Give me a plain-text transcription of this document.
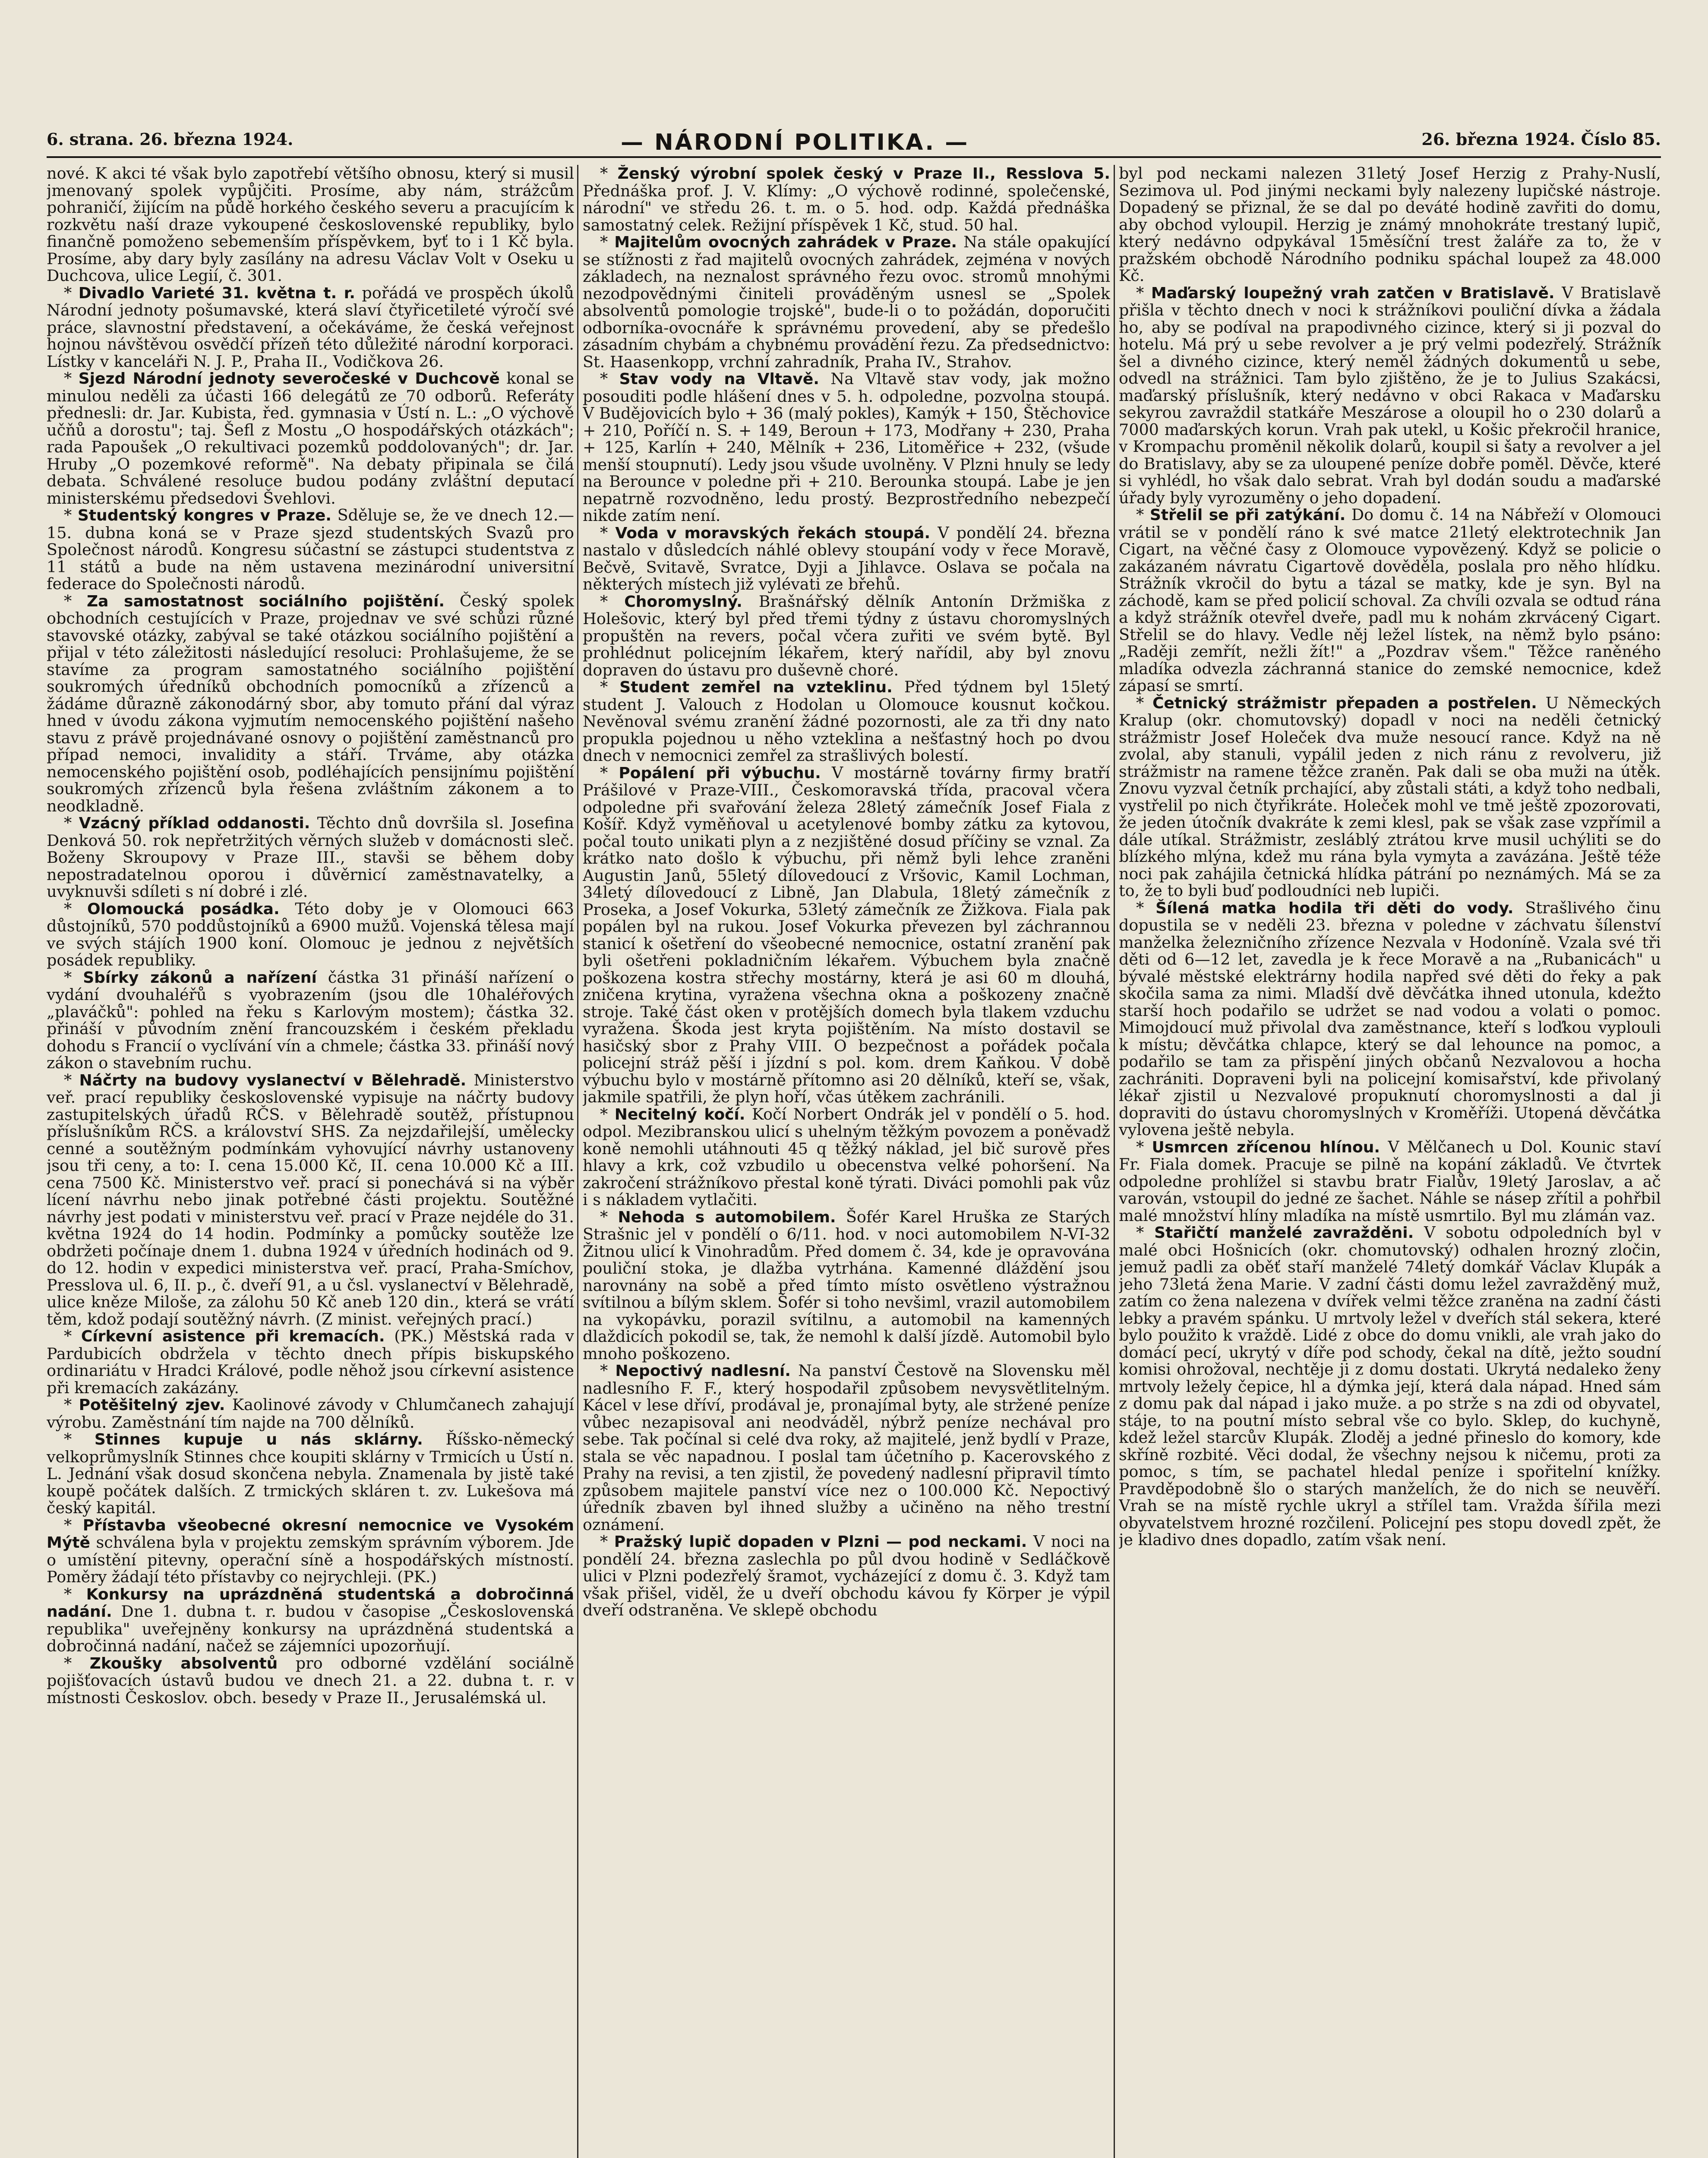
6. strana. 26. března 1924.	— NÁRODNÍ POLITIKA. —	26. března 1924. Číslo 85.

nové. K akci té však bylo zapotřebí většího obnosu, který si musil jmenovaný spolek vypůjčiti. Prosíme, aby nám, strážcům pohraničí, žijícím na půdě horkého českého severu a pracujícím k rozkvětu naší draze vykoupené československé republiky, bylo finančně pomoženo sebemenším příspěvkem, byť to i 1 Kč byla. Prosíme, aby dary byly zasílány na adresu Václav Volt v Oseku u Duchcova, ulice Legií, č. 301.

* Divadlo Varieté 31. května t. r. pořádá ve prospěch úkolů Národní jednoty pošumavské, která slaví čtyřicetileté výročí své práce, slavnostní představení, a očekáváme, že česká veřejnost hojnou návštěvou osvědčí přízeň této důležité národní korporaci. Lístky v kanceláři N. J. P., Praha II., Vodičkova 26.

* Sjezd Národní jednoty severočeské v Duchcově konal se minulou neděli za účasti 166 delegátů ze 70 odborů. Referáty přednesli: dr. Jar. Kubista, řed. gymnasia v Ústí n. L.: „O výchově učňů a dorostu"; taj. Šefl z Mostu „O hospodářských otázkách"; rada Papoušek „O rekultivaci pozemků poddolovaných"; dr. Jar. Hruby „O pozemkové reformě". Na debaty připinala se čilá debata. Schválené resoluce budou podány zvláštní deputací ministerskému předsedovi Švehlovi.

* Studentský kongres v Praze. Sděluje se, že ve dnech 12.—15. dubna koná se v Praze sjezd studentských Svazů pro Společnost národů. Kongresu súčastní se zástupci studentstva z 11 států a bude na něm ustavena mezinárodní universitní federace do Společnosti národů.

* Za samostatnost sociálního pojištění. Český spolek obchodních cestujících v Praze, projednav ve své schůzi různé stavovské otázky, zabýval se také otázkou sociálního pojištění a přijal v této záležitosti následující resoluci: Prohlašujeme, že se stavíme za program samostatného sociálního pojištění soukromých úředníků obchodních pomocníků a zřízenců a žádáme důrazně zákonodárný sbor, aby tomuto přání dal výraz hned v úvodu zákona vyjmutím nemocenského pojištění našeho stavu z právě projednávané osnovy o pojištění zaměstnanců pro případ nemoci, invalidity a stáří. Trváme, aby otázka nemocenského pojištění osob, podléhajících pensijnímu pojištění soukromých zřízenců byla řešena zvláštním zákonem a to neodkladně.

* Vzácný příklad oddanosti. Těchto dnů dovršila sl. Josefina Denková 50. rok nepřetržitých věrných služeb v domácnosti sleč. Boženy Skroupovy v Praze III., stavši se během doby nepostradatelnou oporou i důvěrnicí zaměstnavatelky, a uvyknuvši sdíleti s ní dobré i zlé.

* Olomoucká posádka. Této doby je v Olomouci 663 důstojníků, 570 poddůstojníků a 6900 mužů. Vojenská tělesa mají ve svých stájích 1900 koní. Olomouc je jednou z největších posádek republiky.

* Sbírky zákonů a nařízení částka 31 přináší nařízení o vydání dvouhaléřů s vyobrazením (jsou dle 10haléřových „plaváčků": pohled na řeku s Karlovým mostem); částka 32. přináší v původním znění francouzském i českém překladu dohodu s Francií o vyclívání vín a chmele; částka 33. přináší nový zákon o stavebním ruchu.

* Náčrty na budovy vyslanectví v Bělehradě. Ministerstvo veř. prací republiky československé vypisuje na náčrty budovy zastupitelských úřadů RČS. v Bělehradě soutěž, přístupnou příslušníkům RČS. a království SHS. Za nejzdařilejší, umělecky cenné a soutěžným podmínkám vyhovující návrhy ustanoveny jsou tři ceny, a to: I. cena 15.000 Kč, II. cena 10.000 Kč a III. cena 7500 Kč. Ministerstvo veř. prací si ponechává si na výběr lícení návrhu nebo jinak potřebné části projektu. Soutěžné návrhy jest podati v ministerstvu veř. prací v Praze nejdéle do 31. května 1924 do 14 hodin. Podmínky a pomůcky soutěže lze obdržeti počínaje dnem 1. dubna 1924 v úředních hodinách od 9. do 12. hodin v expedici ministerstva veř. prací, Praha-Smíchov, Presslova ul. 6, II. p., č. dveří 91, a u čsl. vyslanectví v Bělehradě, ulice kněze Miloše, za zálohu 50 Kč aneb 120 din., která se vrátí těm, kdož podají soutěžný návrh. (Z minist. veřejných prací.)

* Církevní asistence při kremacích. (PK.) Městská rada v Pardubicích obdržela v těchto dnech přípis biskupského ordinariátu v Hradci Králové, podle něhož jsou církevní asistence při kremacích zakázány.

* Potěšitelný zjev. Kaolinové závody v Chlumčanech zahajují výrobu. Zaměstnání tím najde na 700 dělníků.

* Stinnes kupuje u nás sklárny. Říšsko-německý velkoprůmyslník Stinnes chce koupiti sklárny v Trmicích u Ústí n. L. Jednání však dosud skončena nebyla. Znamenala by jistě také koupě počátek dalších. Z trmických skláren t. zv. Lukešova má český kapitál.

* Přístavba všeobecné okresní nemocnice ve Vysokém Mýtě schválena byla v projektu zemským správním výborem. Jde o umístění pitevny, operační síně a hospodářských místností. Poměry žádají této přístavby co nejrychleji. (PK.)

* Konkursy na uprázdněná studentská a dobročinná nadání. Dne 1. dubna t. r. budou v časopise „Československá republika" uveřejněny konkursy na uprázdněná studentská a dobročinná nadání, načež se zájemníci upozorňují.

* Zkoušky absolventů pro odborné vzdělání sociálně pojišťovacích ústavů budou ve dnech 21. a 22. dubna t. r. v místnosti Českoslov. obch. besedy v Praze II., Jerusalémská ul.

* Ženský výrobní spolek český v Praze II., Resslova 5. Přednáška prof. J. V. Klímy: „O výchově rodinné, společenské, národní" ve středu 26. t. m. o 5. hod. odp. Každá přednáška samostatný celek. Režijní příspěvek 1 Kč, stud. 50 hal.

* Majitelům ovocných zahrádek v Praze. Na stále opakující se stížnosti z řad majitelů ovocných zahrádek, zejména v nových základech, na neznalost správného řezu ovoc. stromů mnohými nezodpovědnými činiteli prováděným usnesl se „Spolek absolventů pomologie trojské", bude-li o to požádán, doporučiti odborníka-ovocnáře k správnému provedení, aby se předešlo zásadním chybám a chybnému provádění řezu. Za předsednictvo: St. Haasenkopp, vrchní zahradník, Praha IV., Strahov.

* Stav vody na Vltavě. Na Vltavě stav vody, jak možno posouditi podle hlášení dnes v 5. h. odpoledne, pozvolna stoupá. V Budějovicích bylo + 36 (malý pokles), Kamýk + 150, Štěchovice + 210, Poříčí n. S. + 149, Beroun + 173, Modřany + 230, Praha + 125, Karlín + 240, Mělník + 236, Litoměřice + 232, (všude menší stoupnutí). Ledy jsou všude uvolněny. V Plzni hnuly se ledy na Berounce v poledne při + 210. Berounka stoupá. Labe je jen nepatrně rozvodněno, ledu prostý. Bezprostředního nebezpečí nikde zatím není.

* Voda v moravských řekách stoupá. V pondělí 24. března nastalo v důsledcích náhlé oblevy stoupání vody v řece Moravě, Bečvě, Svitavě, Svratce, Dyji a Jihlavce. Oslava se počala na některých místech již vylévati ze břehů.

* Choromyslný. Brašnářský dělník Antonín Držmiška z Holešovic, který byl před třemi týdny z ústavu choromyslných propuštěn na revers, počal včera zuřiti ve svém bytě. Byl prohlédnut policejním lékařem, který nařídil, aby byl znovu dopraven do ústavu pro duševně choré.

* Student zemřel na vzteklinu. Před týdnem byl 15letý student J. Valouch z Hodolan u Olomouce kousnut kočkou. Nevěnoval svému zranění žádné pozornosti, ale za tři dny nato propukla pojednou u něho vzteklina a nešťastný hoch po dvou dnech v nemocnici zemřel za strašlivých bolestí.

* Popálení při výbuchu. V mostárně továrny firmy bratří Prášilové v Praze-VIII., Českomoravská třída, pracoval včera odpoledne při svařování železa 28letý zámečník Josef Fiala z Košíř. Když vyměňoval u acetylenové bomby zátku za kytovou, počal touto unikati plyn a z nezjištěné dosud příčiny se vznal. Za krátko nato došlo k výbuchu, při němž byli lehce zraněni Augustin Janů, 55letý dílovedoucí z Vršovic, Kamil Lochman, 34letý dílovedoucí z Libně, Jan Dlabula, 18letý zámečník z Proseka, a Josef Vokurka, 53letý zámečník ze Žižkova. Fiala pak popálen byl na rukou. Josef Vokurka převezen byl záchrannou stanicí k ošetření do všeobecné nemocnice, ostatní zranění pak byli ošetřeni pokladničním lékařem. Výbuchem byla značně poškozena kostra střechy mostárny, která je asi 60 m dlouhá, zničena krytina, vyražena všechna okna a poškozeny značně stroje. Také část oken v protějších domech byla tlakem vzduchu vyražena. Škoda jest kryta pojištěním. Na místo dostavil se hasičský sbor z Prahy VIII. O bezpečnost a pořádek počala policejní stráž pěší i jízdní s pol. kom. drem Kaňkou. V době výbuchu bylo v mostárně přítomno asi 20 dělníků, kteří se, však, jakmile spatřili, že plyn hoří, včas útěkem zachránili.

* Necitelný kočí. Kočí Norbert Ondrák jel v pondělí o 5. hod. odpol. Mezibranskou ulicí s uhelným těžkým povozem a poněvadž koně nemohli utáhnouti 45 q těžký náklad, jel bič surově přes hlavy a krk, což vzbudilo u obecenstva velké pohoršení. Na zakročení strážníkovo přestal koně týrati. Diváci pomohli pak vůz i s nákladem vytlačiti.

* Nehoda s automobilem. Šofér Karel Hruška ze Starých Strašnic jel v pondělí o 6/11. hod. v noci automobilem N-VI-32 Žitnou ulicí k Vinohradům. Před domem č. 34, kde je opravována pouliční stoka, je dlažba vytrhána. Kamenné dláždění jsou narovnány na sobě a před tímto místo osvětleno výstražnou svítilnou a bílým sklem. Šofér si toho nevšiml, vrazil automobilem na vykopávku, porazil svítilnu, a automobil na kamenných dlaždicích pokodil se, tak, že nemohl k další jízdě. Automobil bylo mnoho poškozeno.

* Nepoctivý nadlesní. Na panství Čestově na Slovensku měl nadlesního F. F., který hospodařil způsobem nevysvětlitelným. Kácel v lese dříví, prodával je, pronajímal byty, ale stržené peníze vůbec nezapisoval ani neodváděl, nýbrž peníze nechával pro sebe. Tak počínal si celé dva roky, až majitelé, jenž bydlí v Praze, stala se věc napadnou. I poslal tam účetního p. Kacerovského z Prahy na revisi, a ten zjistil, že povedený nadlesní připravil tímto způsobem majitele panství více nez o 100.000 Kč. Nepoctivý úředník zbaven byl ihned služby a učiněno na něho trestní oznámení.

* Pražský lupič dopaden v Plzni — pod neckami. V noci na pondělí 24. března zaslechla po půl dvou hodině v Sedláčkově ulici v Plzni podezřelý šramot, vycházející z domu č. 3. Když tam však přišel, viděl, že u dveří obchodu kávou fy Körper je výpil dveří odstraněna. Ve sklepě obchodu

byl pod neckami nalezen 31letý Josef Herzig z Prahy-Nuslí, Sezimova ul. Pod jinými neckami byly nalezeny lupičské nástroje. Dopadený se přiznal, že se dal po deváté hodině zavřiti do domu, aby obchod vyloupil. Herzig je známý mnohokráte trestaný lupič, který nedávno odpykával 15měsíční trest žaláře za to, že v pražském obchodě Národního podniku spáchal loupež za 48.000 Kč.

* Maďarský loupežný vrah zatčen v Bratislavě. V Bratislavě přišla v těchto dnech v noci k strážníkovi pouliční dívka a žádala ho, aby se podíval na prapodivného cizince, který si ji pozval do hotelu. Má prý u sebe revolver a je prý velmi podezřelý. Strážník šel a divného cizince, který neměl žádných dokumentů u sebe, odvedl na strážnici. Tam bylo zjištěno, že je to Julius Szakácsi, maďarský příslušník, který nedávno v obci Rakaca v Maďarsku sekyrou zavraždil statkáře Meszárose a oloupil ho o 230 dolarů a 7000 maďarských korun. Vrah pak utekl, u Košic překročil hranice, v Krompachu proměnil několik dolarů, koupil si šaty a revolver a jel do Bratislavy, aby se za uloupené peníze dobře poměl. Děvče, které si vyhlédl, ho však dalo sebrat. Vrah byl dodán soudu a maďarské úřady byly vyrozuměny o jeho dopadení.

* Střelil se při zatýkání. Do domu č. 14 na Nábřeží v Olomouci vrátil se v pondělí ráno k své matce 21letý elektrotechnik Jan Cigart, na věčné časy z Olomouce vypovězený. Když se policie o zakázaném návratu Cigartově dověděla, poslala pro něho hlídku. Strážník vkročil do bytu a tázal se matky, kde je syn. Byl na záchodě, kam se před policií schoval. Za chvíli ozvala se odtud rána a když strážník otevřel dveře, padl mu k nohám zkrvácený Cigart. Střelil se do hlavy. Vedle něj ležel lístek, na němž bylo psáno: „Raději zemřít, nežli žít!" a „Pozdrav všem." Těžce raněného mladíka odvezla záchranná stanice do zemské nemocnice, kdež zápasí se smrtí.

* Četnický strážmistr přepaden a postřelen. U Německých Kralup (okr. chomutovský) dopadl v noci na neděli četnický strážmistr Josef Holeček dva muže nesoucí rance. Když na ně zvolal, aby stanuli, vypálil jeden z nich ránu z revolveru, již strážmistr na ramene těžce zraněn. Pak dali se oba muži na útěk. Znovu vyzval četník prchající, aby zůstali státi, a když toho nedbali, vystřelil po nich čtyřikráte. Holeček mohl ve tmě ještě zpozorovati, že jeden útočník dvakráte k zemi klesl, pak se však zase vzpřímil a dále utíkal. Strážmistr, zesláblý ztrátou krve musil uchýliti se do blízkého mlýna, kdež mu rána byla vymyta a zavázána. Ještě téže noci pak zahájila četnická hlídka pátrání po neznámých. Má se za to, že to byli buď podloudníci neb lupiči.

* Šílená matka hodila tři děti do vody. Strašlivého činu dopustila se v neděli 23. března v poledne v záchvatu šílenství manželka železničního zřízence Nezvala v Hodoníně. Vzala své tři děti od 6—12 let, zavedla je k řece Moravě a na „Rubanicách" u bývalé městské elektrárny hodila napřed své děti do řeky a pak skočila sama za nimi. Mladší dvě děvčátka ihned utonula, kdežto starší hoch podařilo se udržet se nad vodou a volati o pomoc. Mimojdoucí muž přivolal dva zaměstnance, kteří s loďkou vyplouli k místu; děvčátka chlapce, který se dal lehounce na pomoc, a podařilo se tam za přispění jiných občanů Nezvalovou a hocha zachrániti. Dopraveni byli na policejní komisařství, kde přivolaný lékař zjistil u Nezvalové propuknutí choromyslnosti a dal ji dopraviti do ústavu choromyslných v Kroměříži. Utopená děvčátka vylovena ještě nebyla.

* Usmrcen zřícenou hlínou. V Mělčanech u Dol. Kounic staví Fr. Fiala domek. Pracuje se pilně na kopání základů. Ve čtvrtek odpoledne prohlížel si stavbu bratr Fialův, 19letý Jaroslav, a ač varován, vstoupil do jedné ze šachet. Náhle se násep zřítil a pohřbil malé množství hlíny mladíka na místě usmrtilo. Byl mu zlámán vaz.

* Stařičtí manželé zavražděni. V sobotu odpoledních byl v malé obci Hošnicích (okr. chomutovský) odhalen hrozný zločin, jemuž padli za oběť staří manželé 74letý domkář Václav Klupák a jeho 73letá žena Marie. V zadní části domu ležel zavražděný muž, zatím co žena nalezena v dvířek velmi těžce zraněna na zadní části lebky a pravém spánku. U mrtvoly ležel v dveřích stál sekera, které bylo použito k vraždě. Lidé z obce do domu vnikli, ale vrah jako do domácí pecí, ukrytý v díře pod schody, čekal na dítě, ježto soudní komisi ohrožoval, nechtěje ji z domu dostati. Ukrytá nedaleko ženy mrtvoly ležely čepice, hl a dýmka její, která dala nápad. Hned sám z domu pak dal nápad i jako muže. a po strže s na zdi od obyvatel, stáje, to na poutní místo sebral vše co bylo. Sklep, do kuchyně, kdež ležel starcův Klupák. Zloděj a jedné přineslo do komory, kde skříně rozbité. Věci dodal, že všechny nejsou k ničemu, proti za pomoc, s tím, se pachatel hledal peníze i spořitelní knížky. Pravděpodobně šlo o starých manželích, že do nich se neuvěří. Vrah se na místě rychle ukryl a střílel tam. Vražda šířila mezi obyvatelstvem hrozné rozčilení. Policejní pes stopu dovedl zpět, že je kladivo dnes dopadlo, zatím však není.
